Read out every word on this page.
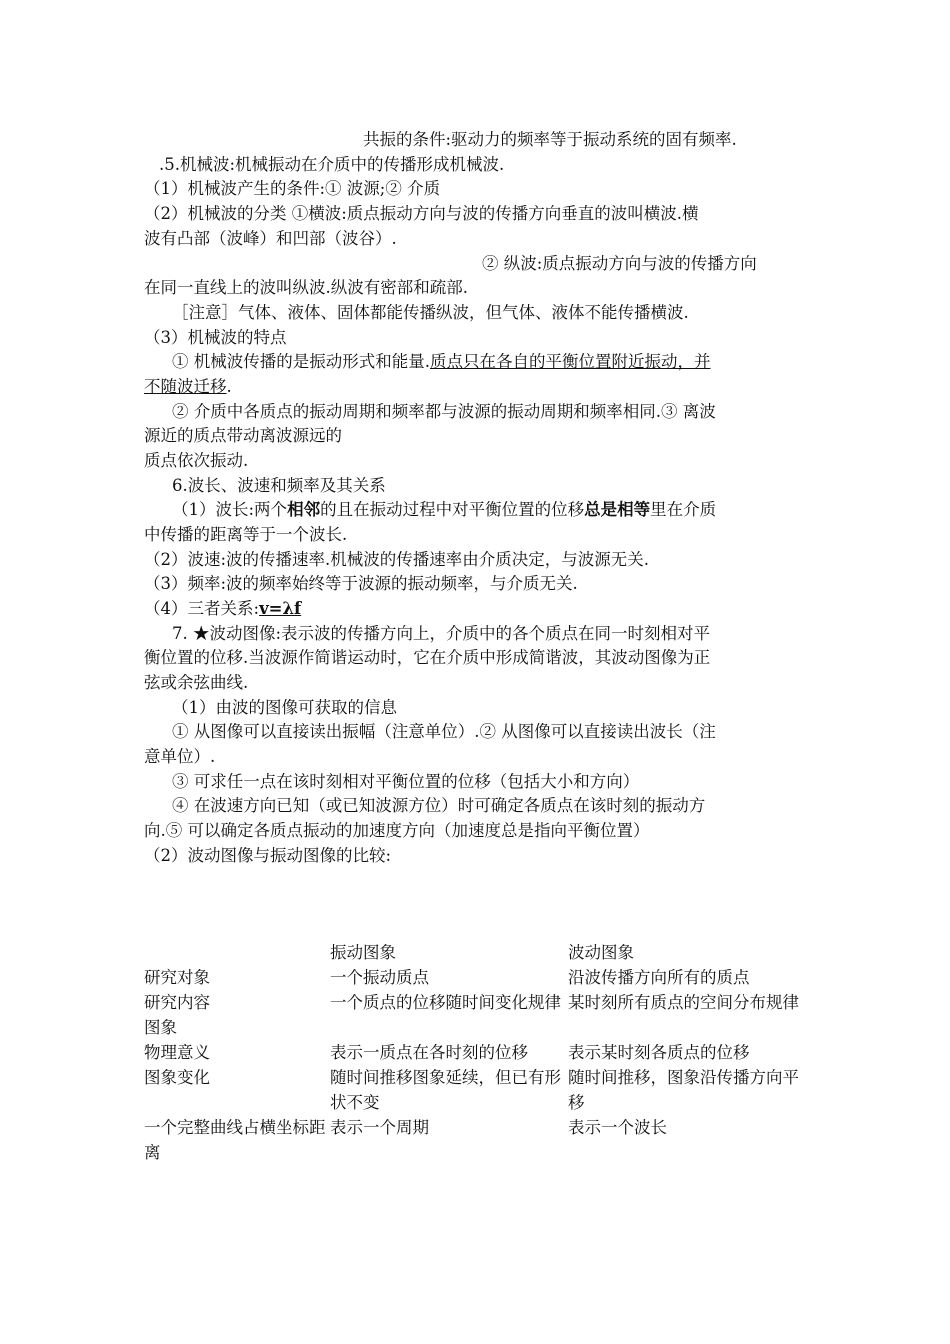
共振的条件:驱动力的频率等于振动系统的固有频率.
.5.机械波:机械振动在介质中的传播形成机械波.
（1）机械波产生的条件:① 波源;② 介质
（2）机械波的分类 ①横波:质点振动方向与波的传播方向垂直的波叫横波.横
波有凸部（波峰）和凹部（波谷）.
② 纵波:质点振动方向与波的传播方向
在同一直线上的波叫纵波.纵波有密部和疏部.
［注意］气体、液体、固体都能传播纵波，但气体、液体不能传播横波.
（3）机械波的特点
① 机械波传播的是振动形式和能量.质点只在各自的平衡位置附近振动，并
不随波迁移.
② 介质中各质点的振动周期和频率都与波源的振动周期和频率相同.③ 离波
源近的质点带动离波源远的
质点依次振动.
6.波长、波速和频率及其关系
（1）波长:两个相邻的且在振动过程中对平衡位置的位移总是相等里在介质
中传播的距离等于一个波长.
（2）波速:波的传播速率.机械波的传播速率由介质决定，与波源无关.
（3）频率:波的频率始终等于波源的振动频率，与介质无关.
（4）三者关系:v=λf
7. ★波动图像:表示波的传播方向上，介质中的各个质点在同一时刻相对平
衡位置的位移.当波源作简谐运动时，它在介质中形成简谐波，其波动图像为正
弦或余弦曲线.
（1）由波的图像可获取的信息
① 从图像可以直接读出振幅（注意单位）.② 从图像可以直接读出波长（注
意单位）.
③ 可求任一点在该时刻相对平衡位置的位移（包括大小和方向）
④ 在波速方向已知（或已知波源方位）时可确定各质点在该时刻的振动方
向.⑤ 可以确定各质点振动的加速度方向（加速度总是指向平衡位置）
（2）波动图像与振动图像的比较:
	振动图象	波动图象
研究对象	一个振动质点	沿波传播方向所有的质点
研究内容	一个质点的位移随时间变化规律	某时刻所有质点的空间分布规律
图象		
物理意义	表示一质点在各时刻的位移	表示某时刻各质点的位移
图象变化	随时间推移图象延续，但已有形状不变	随时间推移，图象沿传播方向平移
一个完整曲线占横坐标距离	表示一个周期	表示一个波长
